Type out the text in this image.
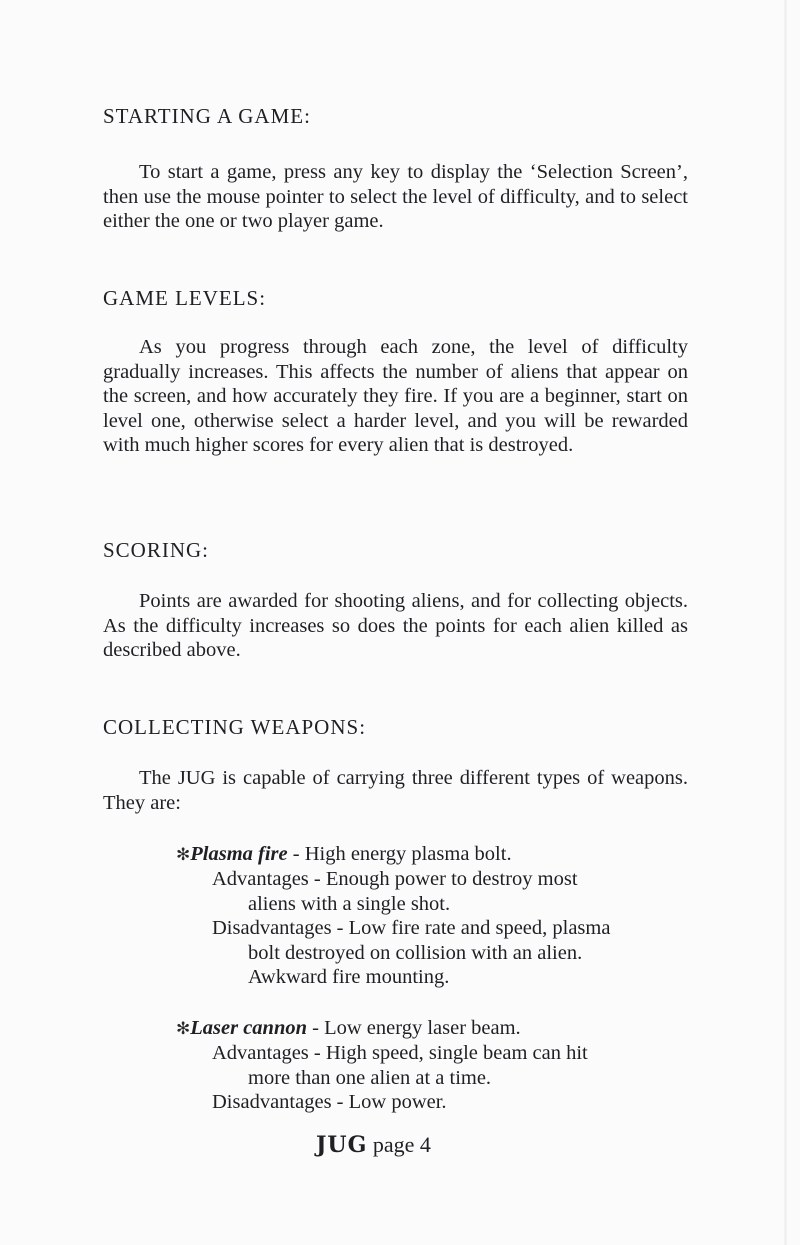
STARTING A GAME:

To start a game, press any key to display the ‘Selection Screen’, then use the mouse pointer to select the level of difficulty, and to select either the one or two player game.

GAME LEVELS:

As you progress through each zone, the level of difficulty gradually increases. This affects the number of aliens that appear on the screen, and how accurately they fire. If you are a beginner, start on level one, otherwise select a harder level, and you will be rewarded with much higher scores for every alien that is destroyed.

SCORING:

Points are awarded for shooting aliens, and for collecting objects. As the difficulty increases so does the points for each alien killed as described above.

COLLECTING WEAPONS:

The JUG is capable of carrying three different types of weapons. They are:

✻Plasma fire - High energy plasma bolt.

Advantages - Enough power to destroy most

aliens with a single shot.

Disadvantages - Low fire rate and speed, plasma

bolt destroyed on collision with an alien.

Awkward fire mounting.

✻Laser cannon - Low energy laser beam.

Advantages - High speed, single beam can hit

more than one alien at a time.

Disadvantages - Low power.

JUG page 4
